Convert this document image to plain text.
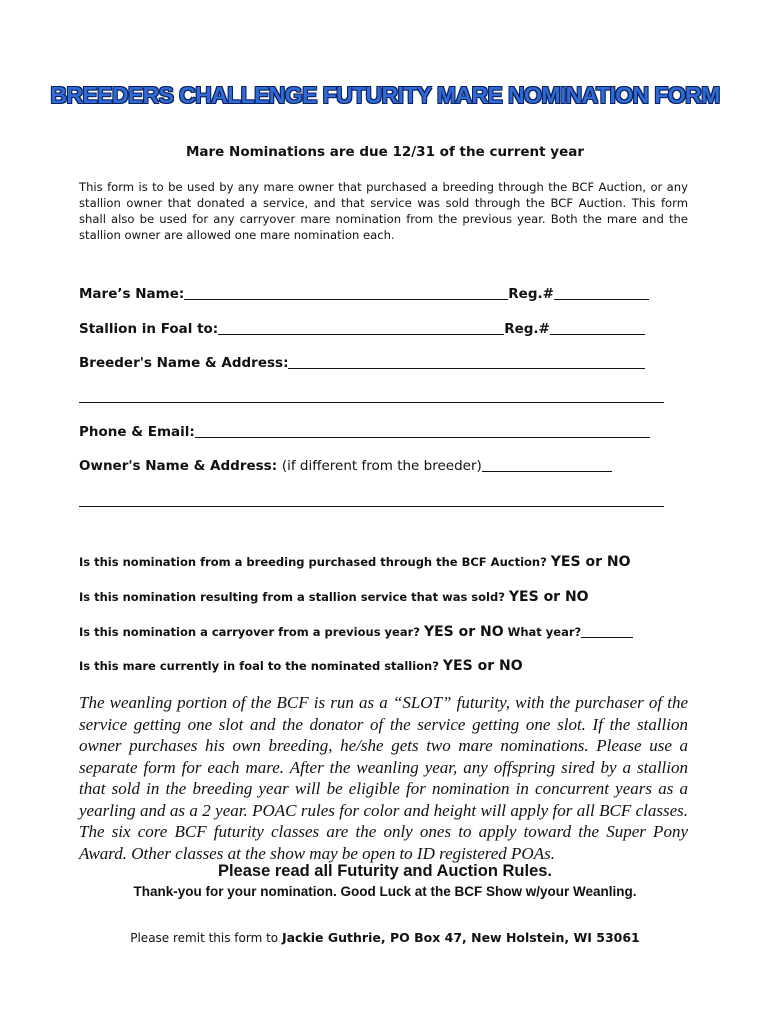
BREEDERS CHALLENGE FUTURITY MARE NOMINATION FORM
Mare Nominations are due 12/31 of the current year
This form is to be used by any mare owner that purchased a breeding through the BCF Auction, or any stallion owner that donated a service, and that service was sold through the BCF Auction. This form shall also be used for any carryover mare nomination from the previous year. Both the mare and the stallion owner are allowed one mare nomination each.
Mare’s Name:	Reg.#
Stallion in Foal to:	Reg.#
Breeder's Name & Address:
Phone & Email:
Owner's Name & Address: (if different from the breeder)
Is this nomination from a breeding purchased through the BCF Auction? YES or NO
Is this nomination resulting from a stallion service that was sold? YES or NO
Is this nomination a carryover from a previous year? YES or NO What year?
Is this mare currently in foal to the nominated stallion? YES or NO
The weanling portion of the BCF is run as a “SLOT” futurity, with the purchaser of the service getting one slot and the donator of the service getting one slot. If the stallion owner purchases his own breeding, he/she gets two mare nominations. Please use a separate form for each mare. After the weanling year, any offspring sired by a stallion that sold in the breeding year will be eligible for nomination in concurrent years as a yearling and as a 2 year. POAC rules for color and height will apply for all BCF classes. The six core BCF futurity classes are the only ones to apply toward the Super Pony Award. Other classes at the show may be open to ID registered POAs.
Please read all Futurity and Auction Rules.
Thank-you for your nomination. Good Luck at the BCF Show w/your Weanling.
Please remit this form to Jackie Guthrie, PO Box 47, New Holstein, WI 53061
